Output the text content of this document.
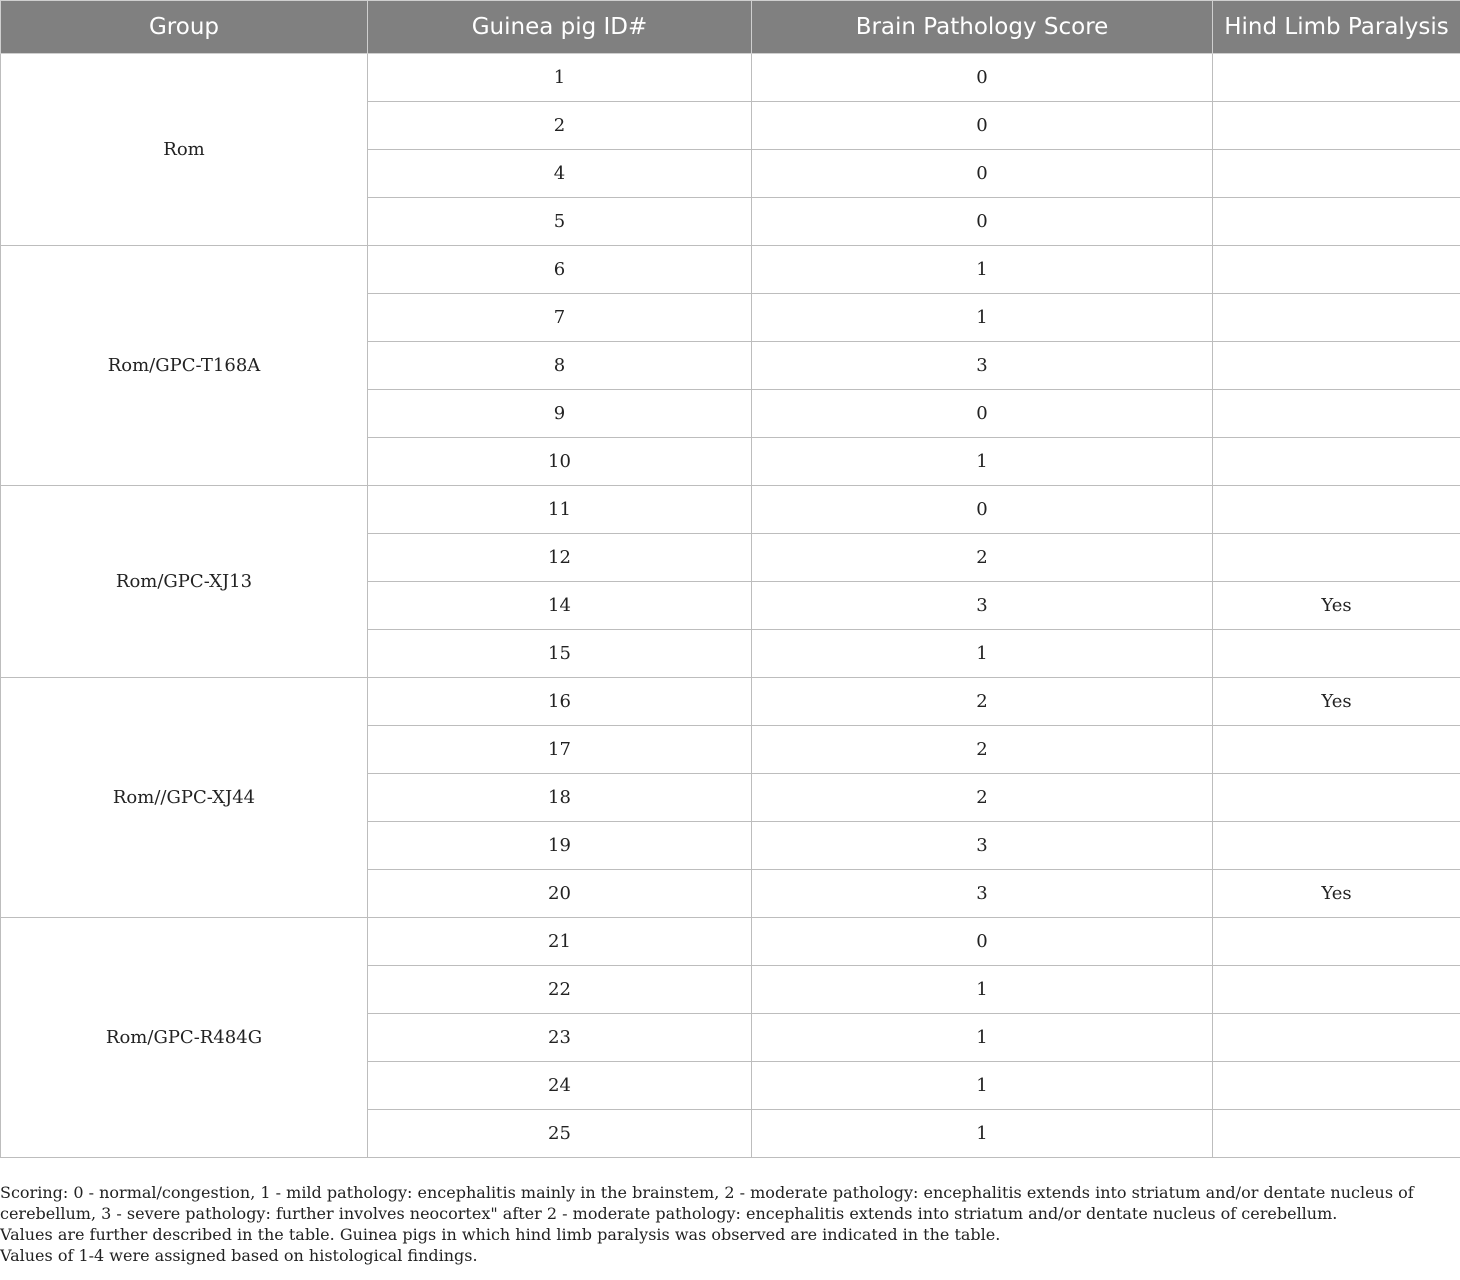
Group	Guinea pig ID#	Brain Pathology Score	Hind Limb Paralysis
Rom	1	0	
	2	0	
	4	0	
	5	0	
Rom/GPC-T168A	6	1	
	7	1	
	8	3	
	9	0	
	10	1	
Rom/GPC-XJ13	11	0	
	12	2	
	14	3	Yes
	15	1	
Rom//GPC-XJ44	16	2	Yes
	17	2	
	18	2	
	19	3	
	20	3	Yes
Rom/GPC-R484G	21	0	
	22	1	
	23	1	
	24	1	
	25	1	

Scoring: 0 - normal/congestion, 1 - mild pathology: encephalitis mainly in the brainstem, 2 - moderate pathology: encephalitis extends into striatum and/or dentate nucleus of cerebellum, 3 - severe pathology: further involves neocortex" after 2 - moderate pathology: encephalitis extends into striatum and/or dentate nucleus of cerebellum.

Values are further described in the table. Guinea pigs in which hind limb paralysis was observed are indicated in the table.

Values of 1-4 were assigned based on histological findings.
